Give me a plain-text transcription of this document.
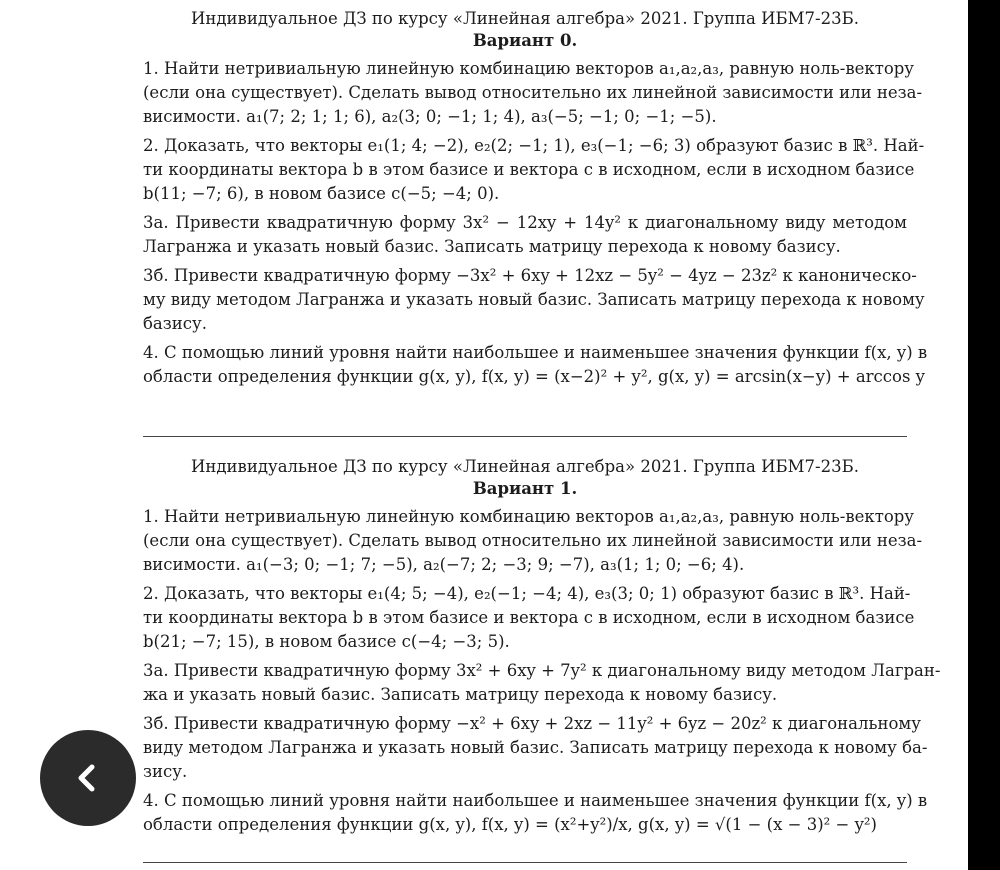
Индивидуальное ДЗ по курсу «Линейная алгебра» 2021. Группа ИБМ7-23Б.
Вариант 0.
1. Найти нетривиальную линейную комбинацию векторов a₁,a₂,a₃, равную ноль-вектору
(если она существует). Сделать вывод относительно их линейной зависимости или неза-
висимости. a₁(7; 2; 1; 1; 6), a₂(3; 0; −1; 1; 4), a₃(−5; −1; 0; −1; −5).
2. Доказать, что векторы e₁(1; 4; −2), e₂(2; −1; 1), e₃(−1; −6; 3) образуют базис в ℝ³. Най-
ти координаты вектора b в этом базисе и вектора c в исходном, если в исходном базисе
b(11; −7; 6), в новом базисе c(−5; −4; 0).
3а. Привести квадратичную форму 3x² − 12xy + 14y² к диагональному виду методом
Лагранжа и указать новый базис. Записать матрицу перехода к новому базису.
3б. Привести квадратичную форму −3x² + 6xy + 12xz − 5y² − 4yz − 23z² к каноническо-
му виду методом Лагранжа и указать новый базис. Записать матрицу перехода к новому
базису.
4. С помощью линий уровня найти наибольшее и наименьшее значения функции f(x, y) в
области определения функции g(x, y), f(x, y) = (x−2)² + y², g(x, y) = arcsin(x−y) + arccos y
Индивидуальное ДЗ по курсу «Линейная алгебра» 2021. Группа ИБМ7-23Б.
Вариант 1.
1. Найти нетривиальную линейную комбинацию векторов a₁,a₂,a₃, равную ноль-вектору
(если она существует). Сделать вывод относительно их линейной зависимости или неза-
висимости. a₁(−3; 0; −1; 7; −5), a₂(−7; 2; −3; 9; −7), a₃(1; 1; 0; −6; 4).
2. Доказать, что векторы e₁(4; 5; −4), e₂(−1; −4; 4), e₃(3; 0; 1) образуют базис в ℝ³. Най-
ти координаты вектора b в этом базисе и вектора c в исходном, если в исходном базисе
b(21; −7; 15), в новом базисе c(−4; −3; 5).
3а. Привести квадратичную форму 3x² + 6xy + 7y² к диагональному виду методом Лагран-
жа и указать новый базис. Записать матрицу перехода к новому базису.
3б. Привести квадратичную форму −x² + 6xy + 2xz − 11y² + 6yz − 20z² к диагональному
виду методом Лагранжа и указать новый базис. Записать матрицу перехода к новому ба-
зису.
4. С помощью линий уровня найти наибольшее и наименьшее значения функции f(x, y) в
области определения функции g(x, y), f(x, y) = (x²+y²)/x, g(x, y) = √(1 − (x − 3)² − y²)
